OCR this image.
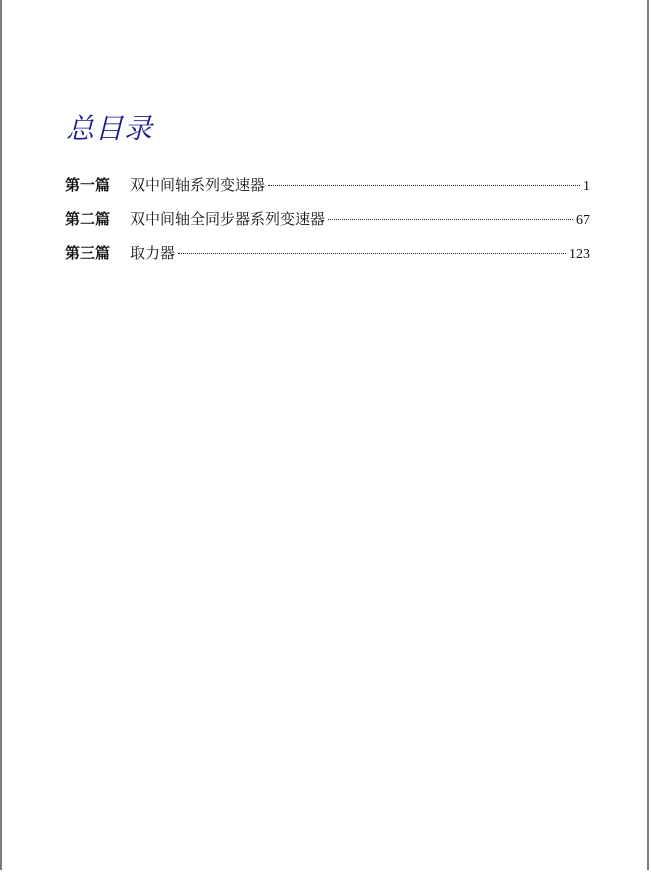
总目录
第一篇	双中间轴系列变速器	1
第二篇	双中间轴全同步器系列变速器	67
第三篇	取力器	123
